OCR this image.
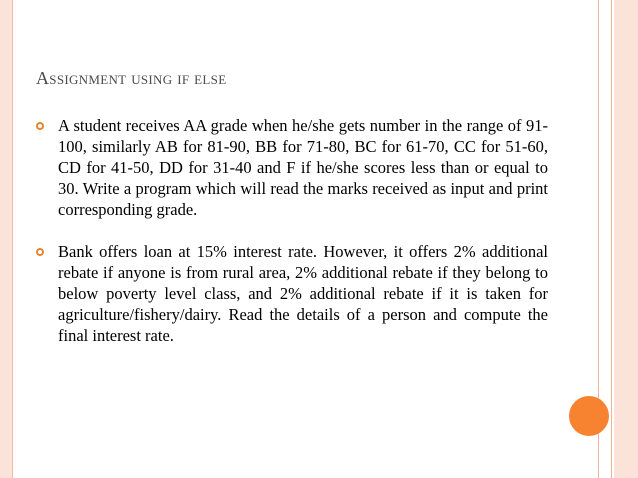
Assignment using if else
A student receives AA grade when he/she gets number in the range of 91-100, similarly AB for 81-90, BB for 71-80, BC for 61-70, CC for 51-60, CD for 41-50, DD for 31-40 and F if he/she scores less than or equal to 30. Write a program which will read the marks received as input and print corresponding grade.
Bank offers loan at 15% interest rate. However, it offers 2% additional rebate if anyone is from rural area, 2% additional rebate if they belong to below poverty level class, and 2% additional rebate if it is taken for agriculture/fishery/dairy. Read the details of a person and compute the final interest rate.
